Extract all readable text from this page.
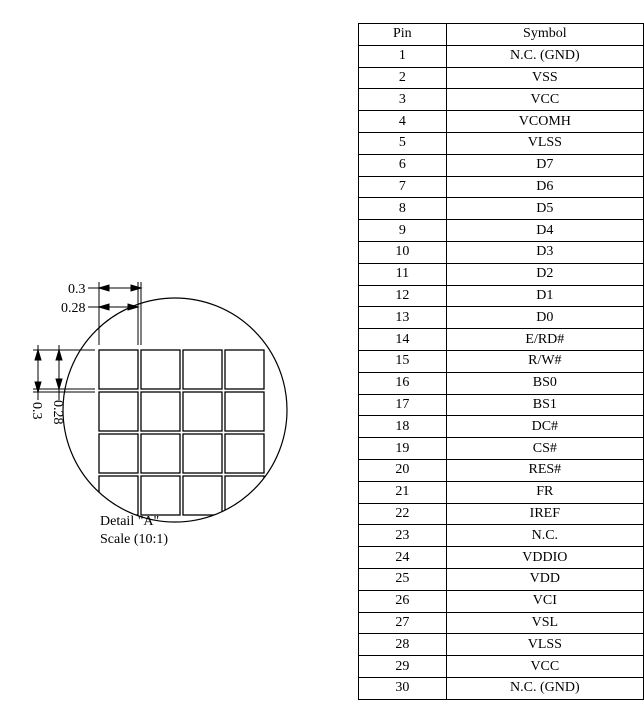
0.3
0.28
0.3 0.28
Detail "A"
Scale (10:1)
Pin	Symbol
1	N.C. (GND)
2	VSS
3	VCC
4	VCOMH
5	VLSS
6	D7
7	D6
8	D5
9	D4
10	D3
11	D2
12	D1
13	D0
14	E/RD#
15	R/W#
16	BS0
17	BS1
18	DC#
19	CS#
20	RES#
21	FR
22	IREF
23	N.C.
24	VDDIO
25	VDD
26	VCI
27	VSL
28	VLSS
29	VCC
30	N.C. (GND)
